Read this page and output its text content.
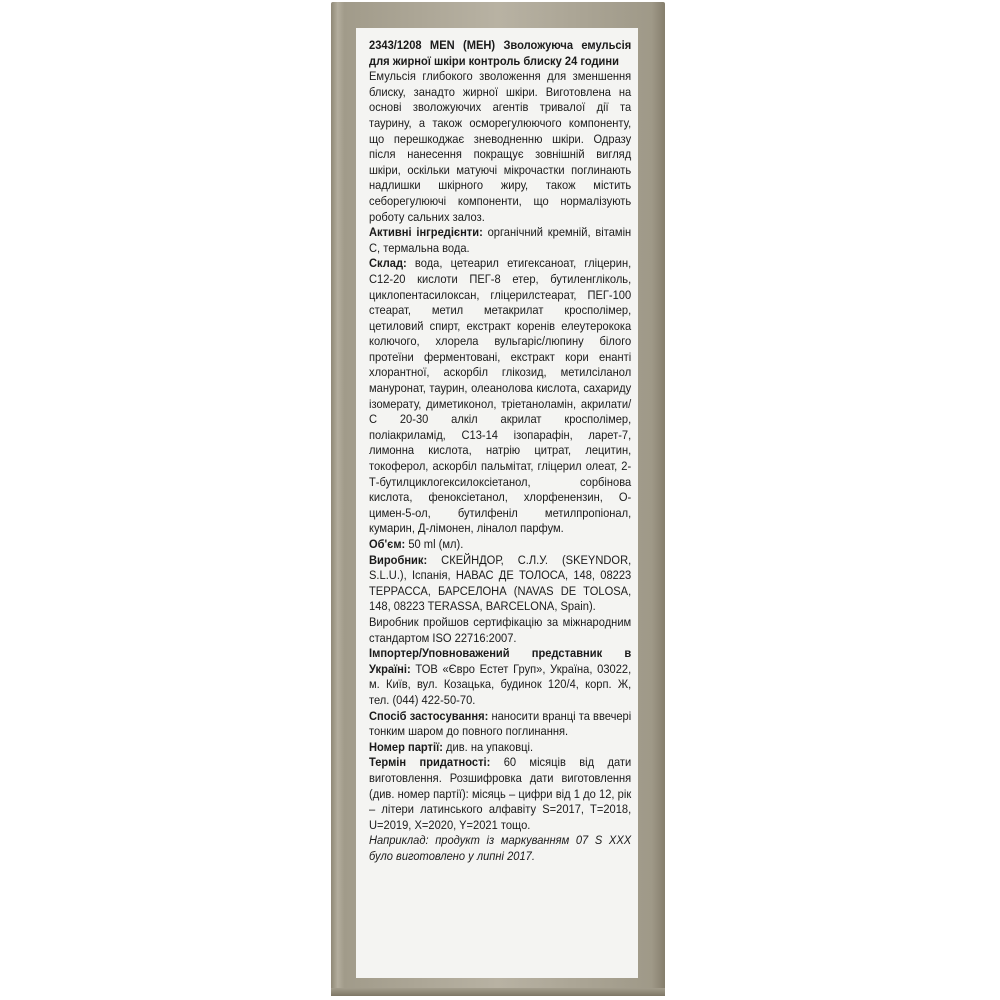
2343/1208 MEN (МЕН) Зволожуюча емульсія для жирної шкіри контроль блиску 24 години

Емульсія глибокого зволоження для зменшення блиску, занадто жирної шкіри. Виготовлена на основі зволожуючих агентів тривалої дії та таурину, а також осморегулюючого компоненту, що перешкоджає зневодненню шкіри. Одразу після нанесення покращує зовнішній вигляд шкіри, оскільки матуючі мікрочастки поглинають надлишки шкірного жиру, також містить себорегулюючі компоненти, що нормалізують роботу сальних залоз.

Активні інгредієнти: органічний кремній, вітамін С, термальна вода.

Склад: вода, цетеарил етигексаноат, гліцерин, С12-20 кислоти ПЕГ-8 етер, бутиленгліколь, циклопентасилоксан, гліцерилстеарат, ПЕГ-100 стеарат, метил метакрилат кросполімер, цетиловий спирт, екстракт коренів елеутерокока колючого, хлорела вульгаріс/люпину білого протеїни ферментовані, екстракт кори енанті хлорантної, аскорбіл глікозид, метилсіланол мануронат, таурин, олеанолова кислота, сахариду ізомерату, диметиконол, тріетаноламін, акрилати/С 20-30 алкіл акрилат кросполімер, поліакриламід, С13-14 ізопарафін, ларет-7, лимонна кислота, натрію цитрат, лецитин, токоферол, аскорбіл пальмітат, гліцерил олеат, 2-Т-бутилциклогексилоксіетанол, сорбінова кислота, феноксіетанол, хлорфенензин, О-цимен-5-ол, бутилфеніл метилпропіонал, кумарин, Д-лімонен, ліналол парфум.

Об'єм: 50 ml (мл).

Виробник: СКЕЙНДОР, С.Л.У. (SKEYNDOR, S.L.U.), Іспанія, НАВАС ДЕ ТОЛОСА, 148, 08223 ТЕРРАССА, БАРСЕЛОНА (NAVAS DE TOLOSA, 148, 08223 TERASSA, BARCELONA, Spain).

Виробник пройшов сертифікацію за міжнародним стандартом ISO 22716:2007.

Імпортер/Уповноважений представник в Україні: ТОВ «Євро Естет Груп», Україна, 03022, м. Київ, вул. Козацька, будинок 120/4, корп. Ж, тел. (044) 422-50-70.

Спосіб застосування: наносити вранці та ввечері тонким шаром до повного поглинання.

Номер партії: див. на упаковці.

Термін придатності: 60 місяців від дати виготовлення. Розшифровка дати виготовлення (див. номер партії): місяць – цифри від 1 до 12, рік – літери латинського алфавіту S=2017, T=2018, U=2019, X=2020, Y=2021 тощо.

Наприклад: продукт із маркуванням 07 S XXX було виготовлено у липні 2017.
